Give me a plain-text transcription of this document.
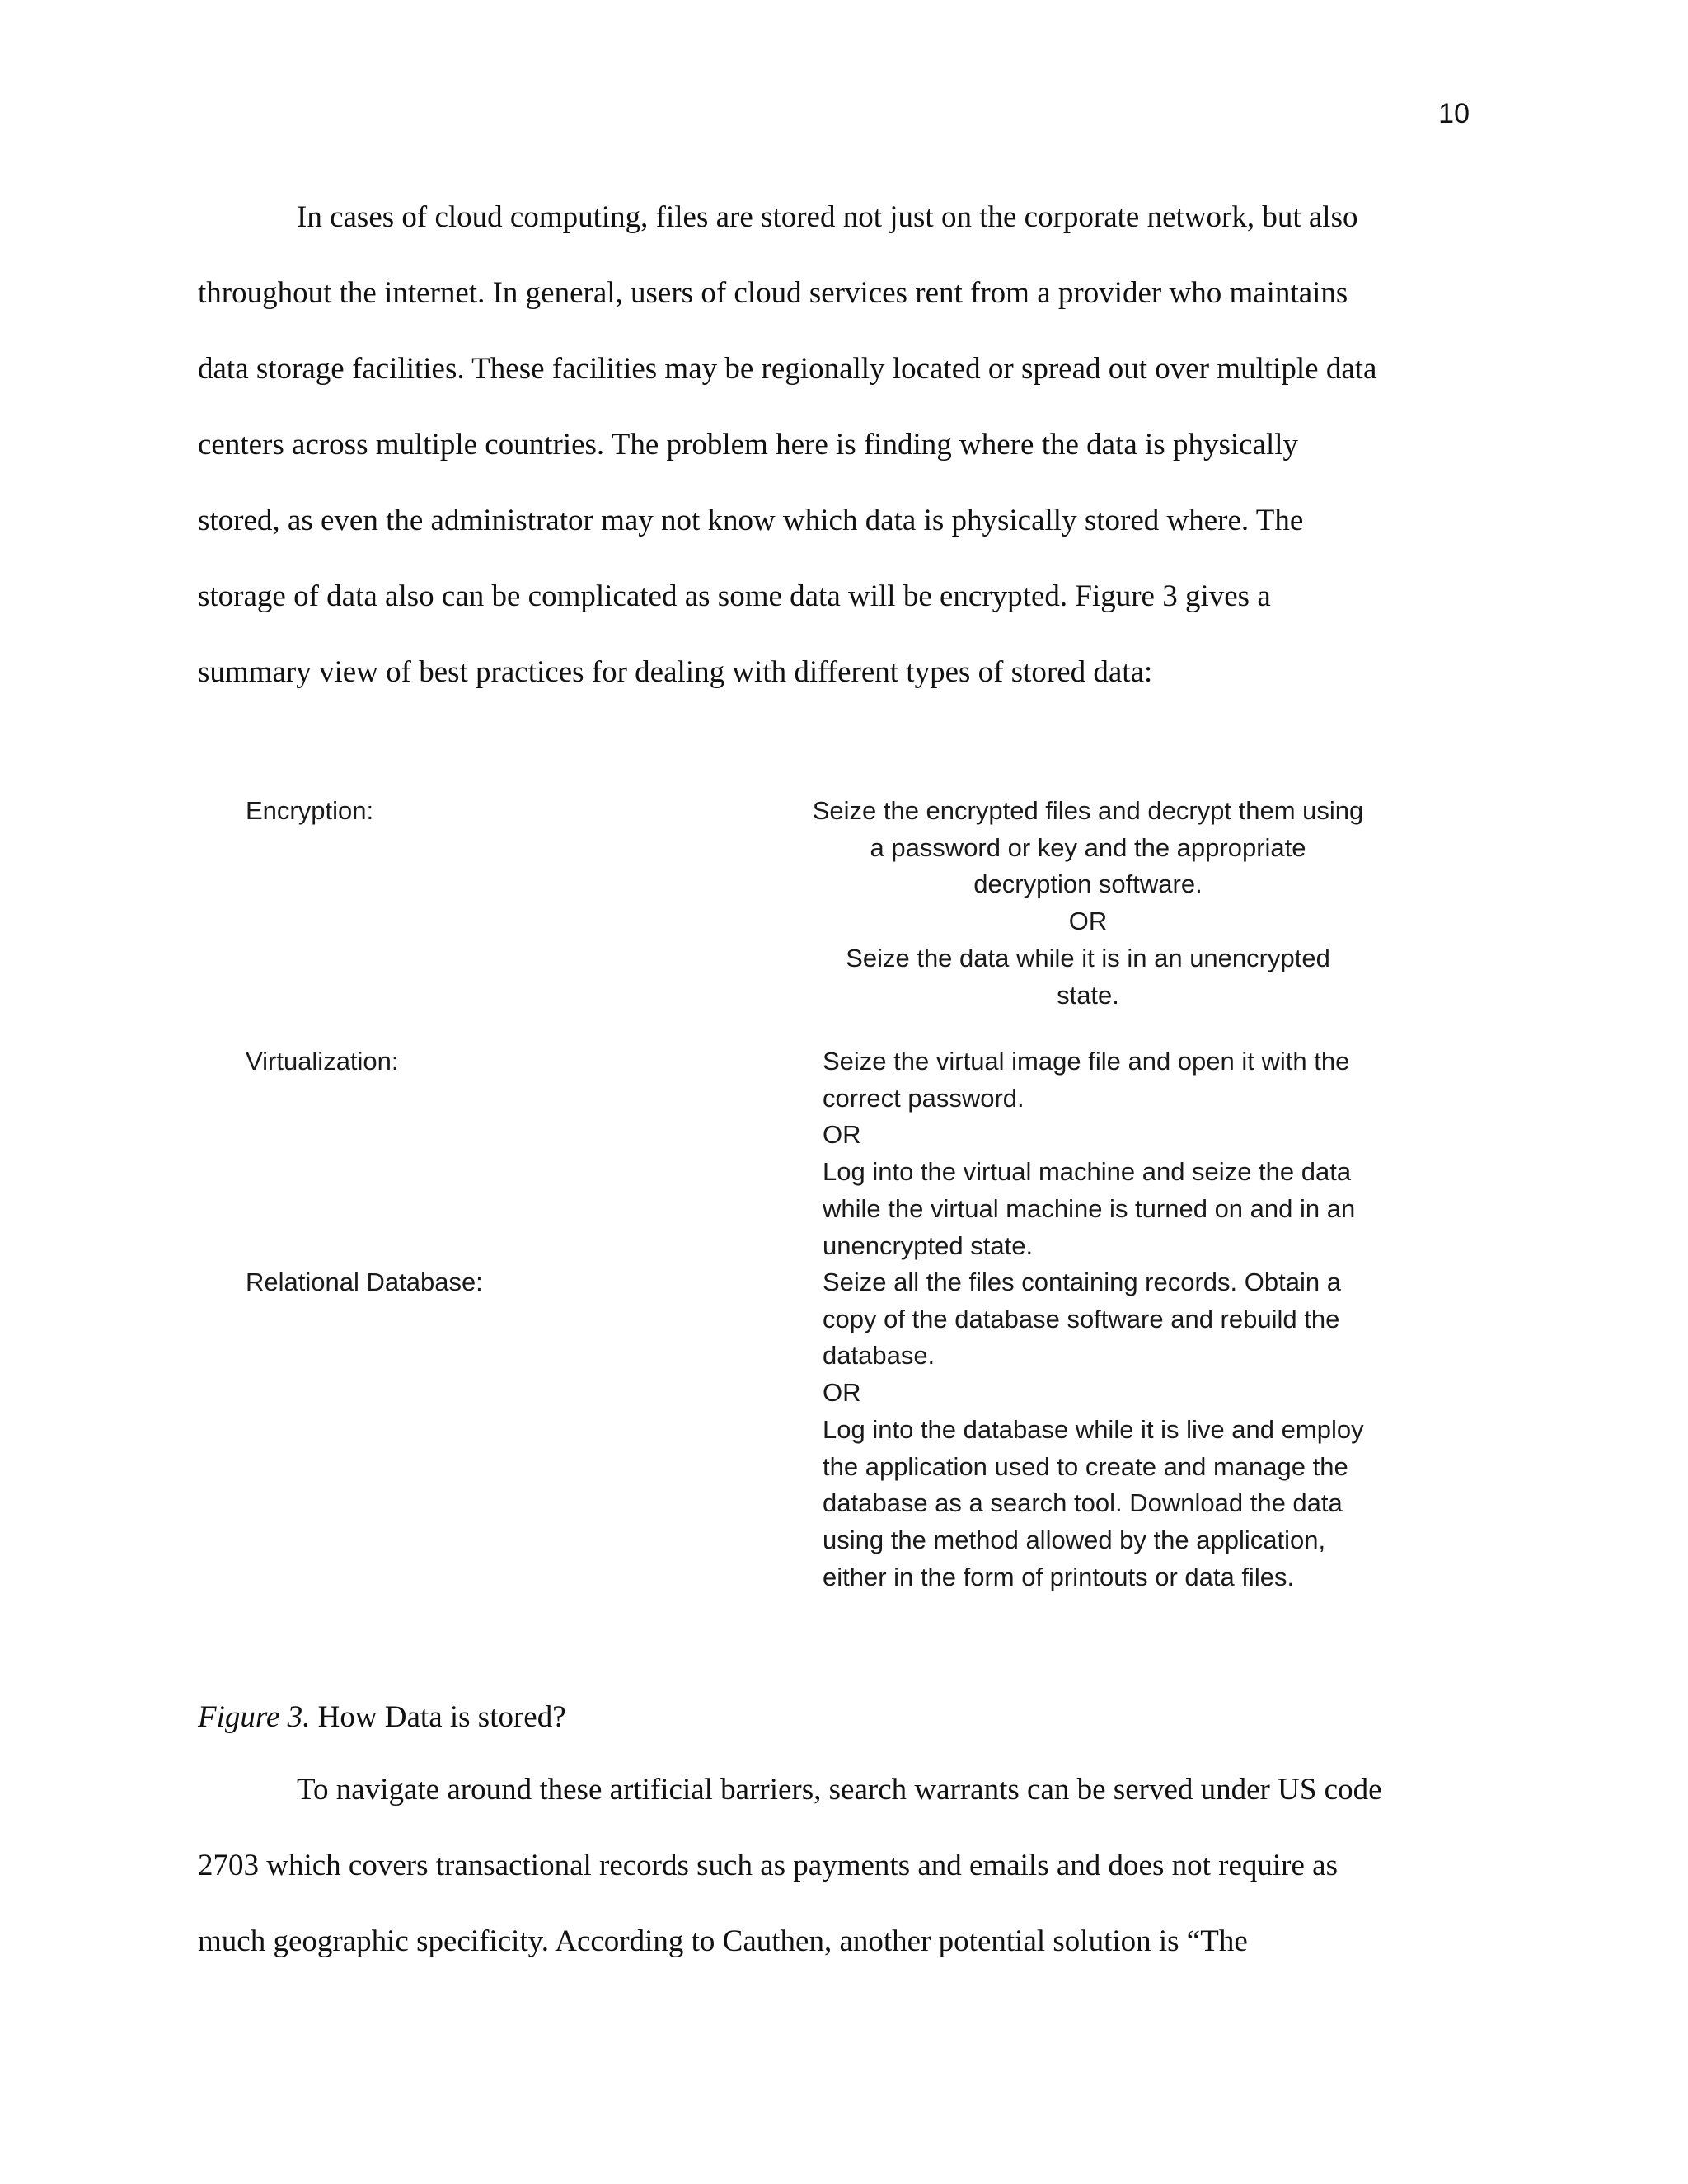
10

In cases of cloud computing, files are stored not just on the corporate network, but also
throughout the internet. In general, users of cloud services rent from a provider who maintains
data storage facilities. These facilities may be regionally located or spread out over multiple data
centers across multiple countries. The problem here is finding where the data is physically
stored, as even the administrator may not know which data is physically stored where. The
storage of data also can be complicated as some data will be encrypted. Figure 3 gives a
summary view of best practices for dealing with different types of stored data:

Encryption:	Seize the encrypted files and decrypt them using
a password or key and the appropriate
decryption software.
OR
Seize the data while it is in an unencrypted
state.
Virtualization:	Seize the virtual image file and open it with the
correct password.
OR
Log into the virtual machine and seize the data
while the virtual machine is turned on and in an
unencrypted state.
Relational Database:	Seize all the files containing records. Obtain a
copy of the database software and rebuild the
database.
OR
Log into the database while it is live and employ
the application used to create and manage the
database as a search tool. Download the data
using the method allowed by the application,
either in the form of printouts or data files.
Figure 3. How Data is stored?

To navigate around these artificial barriers, search warrants can be served under US code
2703 which covers transactional records such as payments and emails and does not require as
much geographic specificity. According to Cauthen, another potential solution is “The
